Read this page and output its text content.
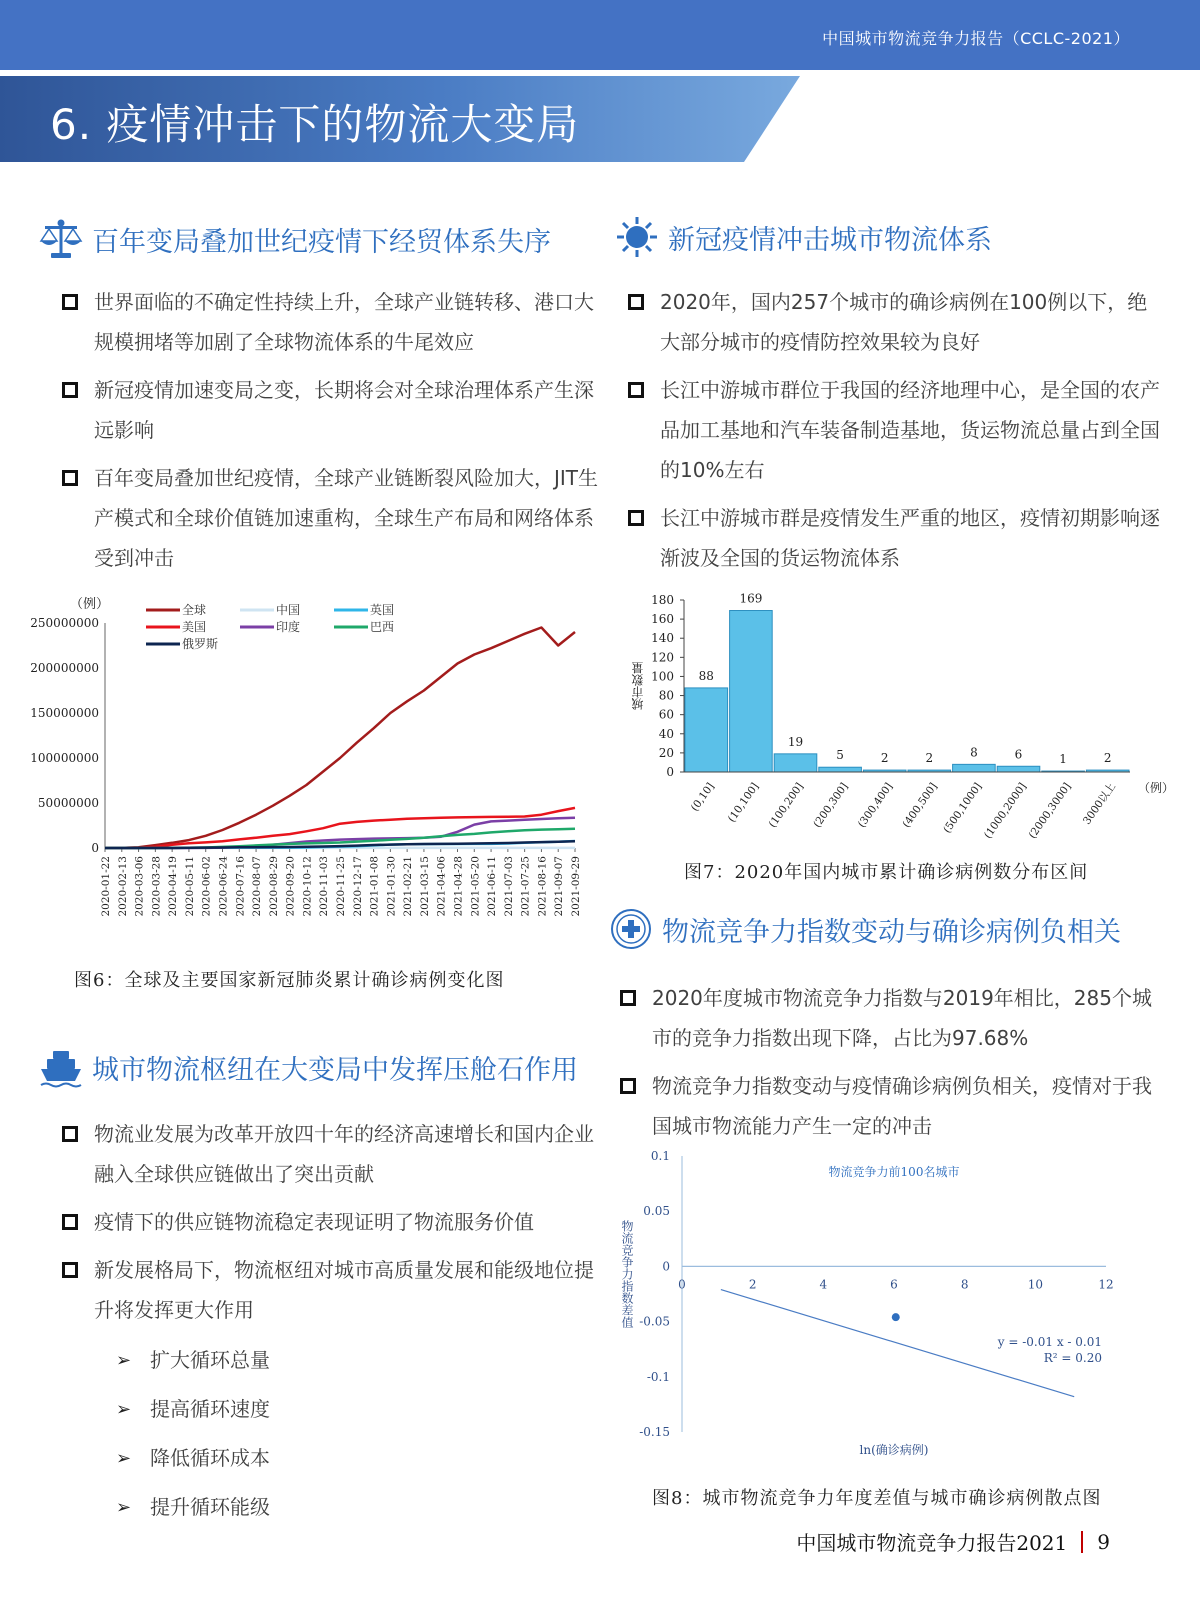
中国城市物流竞争力报告（CCLC-2021）
6. 疫情冲击下的物流大变局
百年变局叠加世纪疫情下经贸体系失序
世界面临的不确定性持续上升，全球产业链转移、港口大规模拥堵等加剧了全球物流体系的牛尾效应
新冠疫情加速变局之变，长期将会对全球治理体系产生深远影响
百年变局叠加世纪疫情，全球产业链断裂风险加大，JIT生产模式和全球价值链加速重构，全球生产布局和网络体系受到冲击
新冠疫情冲击城市物流体系
2020年，国内257个城市的确诊病例在100例以下，绝大部分城市的疫情防控效果较为良好
长江中游城市群位于我国的经济地理中心，是全国的农产品加工基地和汽车装备制造基地，货运物流总量占到全国的10%左右
长江中游城市群是疫情发生严重的地区，疫情初期影响逐渐波及全国的货运物流体系
（例）
0
50000000
100000000
150000000
200000000
250000000
2020-01-22 2020-02-13 2020-03-06 2020-03-28 2020-04-19 2020-05-11 2020-06-02 2020-06-24 2020-07-16 2020-08-07 2020-08-29 2020-09-20 2020-10-12 2020-11-03 2020-11-25 2020-12-17 2021-01-08 2021-01-30 2021-02-21 2021-03-15 2021-04-06 2021-04-28 2021-05-20 2021-06-11 2021-07-03 2021-07-25 2021-08-16 2021-09-07 2021-09-29
全球	中国	英国
美国	印度	巴西
俄罗斯
图6：全球及主要国家新冠肺炎累计确诊病例变化图
0
20
40
60
80
100
120
140
160
180
城市数量	88
169
19
5	2	2	8	6	1	2
(0,10] (10,100] (100,200] (200,300] (300,400] (400,500] (500,1000]
(1000,2000]
(2000,3000] 3000以上 （例）
图7：2020年国内城市累计确诊病例数分布区间
城市物流枢纽在大变局中发挥压舱石作用
物流业发展为改革开放四十年的经济高速增长和国内企业融入全球供应链做出了突出贡献
疫情下的供应链物流稳定表现证明了物流服务价值
新发展格局下，物流枢纽对城市高质量发展和能级地位提升将发挥更大作用
➢ 扩大循环总量
➢ 提高循环速度
➢ 降低循环成本
➢ 提升循环能级
物流竞争力指数变动与确诊病例负相关
2020年度城市物流竞争力指数与2019年相比，285个城市的竞争力指数出现下降，占比为97.68%
物流竞争力指数变动与疫情确诊病例负相关，疫情对于我国城市物流能力产生一定的冲击
0.1
0.05
0
-0.05
-0.1
-0.15
0	2	4	6	8	10	12
物流竞争力前100名城市
ln(确诊病例)
物流竞争力指数差值
y = -0.01 x - 0.01
R² = 0.20
图8：城市物流竞争力年度差值与城市确诊病例散点图
中国城市物流竞争力报告2021 9
